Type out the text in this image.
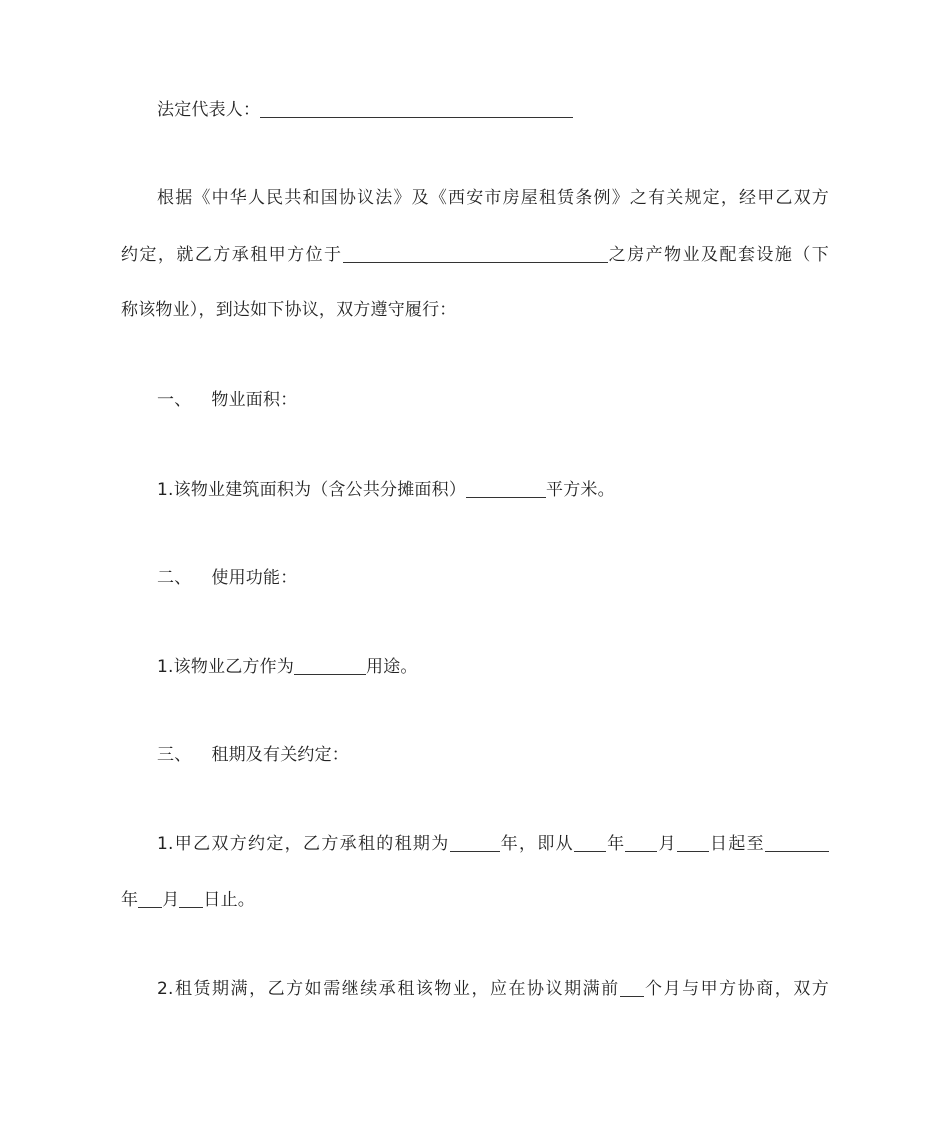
法定代表人：
根据《中华人民共和国协议法》及《西安市房屋租赁条例》之有关规定，经甲乙双方
约定，就乙方承租甲方位于	之房产物业及配套设施（下
称该物业），到达如下协议，双方遵守履行：
一、 物业面积：
1.该物业建筑面积为（含公共分摊面积）	平方米。
二、 使用功能：
1.该物业乙方作为	用途。
三、 租期及有关约定：
1.甲乙双方约定，乙方承租的租期为	年，即从 年 月 日起至
年 月 日止。
2.租赁期满，乙方如需继续承租该物业，应在协议期满前 个月与甲方协商，双方
